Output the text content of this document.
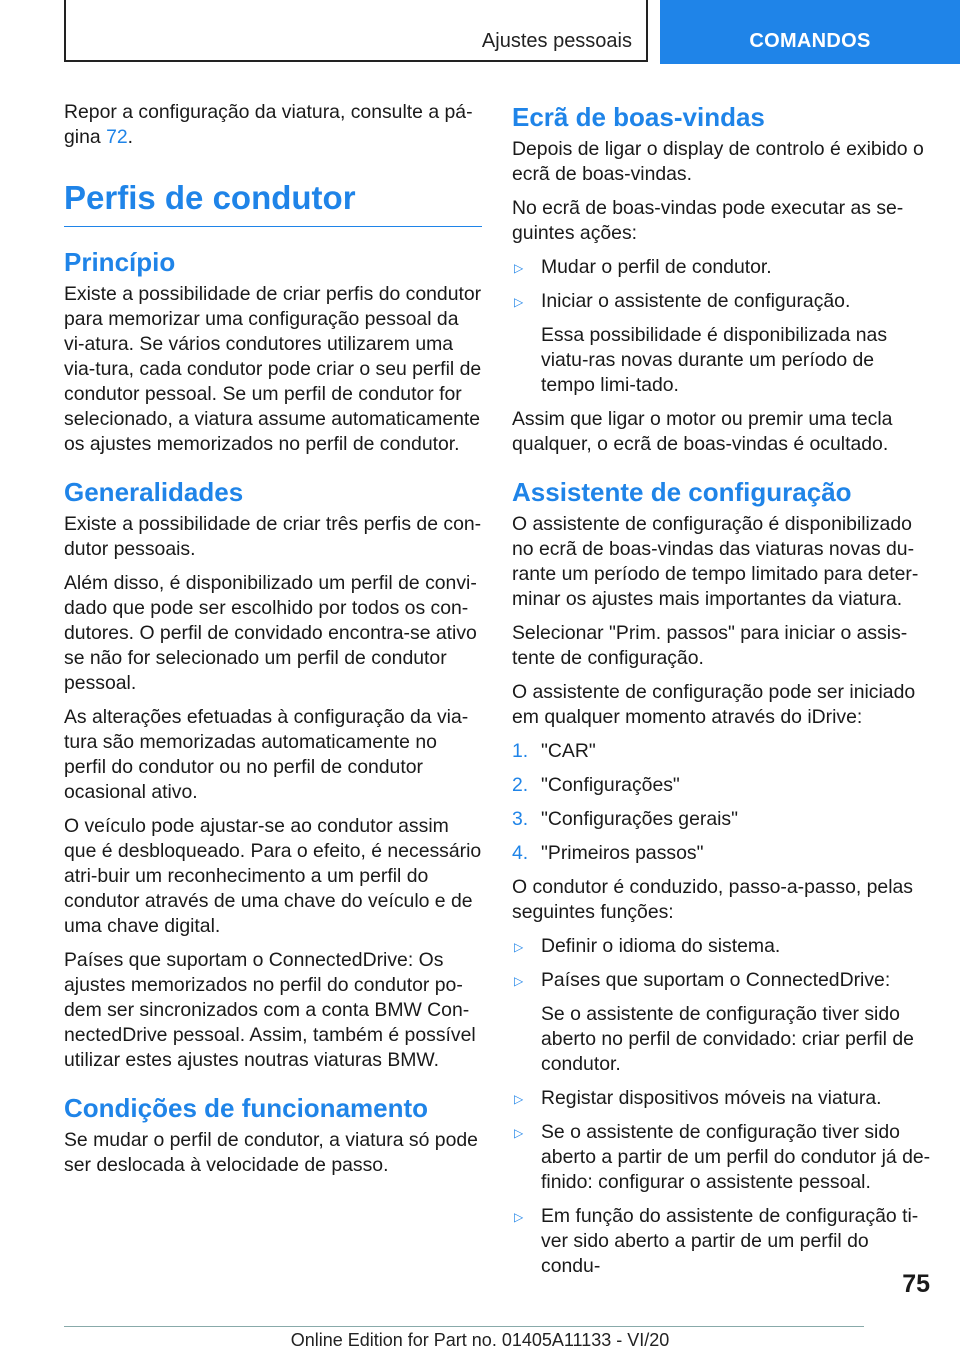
Ajustes pessoais	COMANDOS

Repor a configuração da viatura, consulte a pá-gina 72.

Perfis de condutor
Princípio

Existe a possibilidade de criar perfis do condutor para memorizar uma configuração pessoal da vi-atura. Se vários condutores utilizarem uma via-tura, cada condutor pode criar o seu perfil de condutor pessoal. Se um perfil de condutor for selecionado, a viatura assume automaticamente os ajustes memorizados no perfil de condutor.

Generalidades

Existe a possibilidade de criar três perfis de con-dutor pessoais.

Além disso, é disponibilizado um perfil de convi-dado que pode ser escolhido por todos os con-dutores. O perfil de convidado encontra-se ativo se não for selecionado um perfil de condutor pessoal.

As alterações efetuadas à configuração da via-tura são memorizadas automaticamente no perfil do condutor ou no perfil de condutor ocasional ativo.

O veículo pode ajustar-se ao condutor assim que é desbloqueado. Para o efeito, é necessário atri-buir um reconhecimento a um perfil do condutor através de uma chave do veículo e de uma chave digital.

Países que suportam o ConnectedDrive: Os ajustes memorizados no perfil do condutor po-dem ser sincronizados com a conta BMW Con-nectedDrive pessoal. Assim, também é possível utilizar estes ajustes noutras viaturas BMW.

Condições de funcionamento

Se mudar o perfil de condutor, a viatura só pode ser deslocada à velocidade de passo.

Ecrã de boas-vindas

Depois de ligar o display de controlo é exibido o ecrã de boas-vindas.

No ecrã de boas-vindas pode executar as se-guintes ações:

▷ Mudar o perfil de condutor.
▷ Iniciar o assistente de configuração.
Essa possibilidade é disponibilizada nas viatu-ras novas durante um período de tempo limi-tado.

Assim que ligar o motor ou premir uma tecla qualquer, o ecrã de boas-vindas é ocultado.

Assistente de configuração

O assistente de configuração é disponibilizado no ecrã de boas-vindas das viaturas novas du-rante um período de tempo limitado para deter-minar os ajustes mais importantes da viatura.

Selecionar "Prim. passos" para iniciar o assis-tente de configuração.

O assistente de configuração pode ser iniciado em qualquer momento através do iDrive:

1. "CAR"
2. "Configurações"
3. "Configurações gerais"
4. "Primeiros passos"

O condutor é conduzido, passo-a-passo, pelas seguintes funções:

▷ Definir o idioma do sistema.
▷ Países que suportam o ConnectedDrive:
Se o assistente de configuração tiver sido aberto no perfil de convidado: criar perfil de condutor.
▷ Registar dispositivos móveis na viatura.
▷ Se o assistente de configuração tiver sido aberto a partir de um perfil do condutor já de-finido: configurar o assistente pessoal.
▷ Em função do assistente de configuração ti-ver sido aberto a partir de um perfil do condu-
75
Online Edition for Part no. 01405A11133 - VI/20
